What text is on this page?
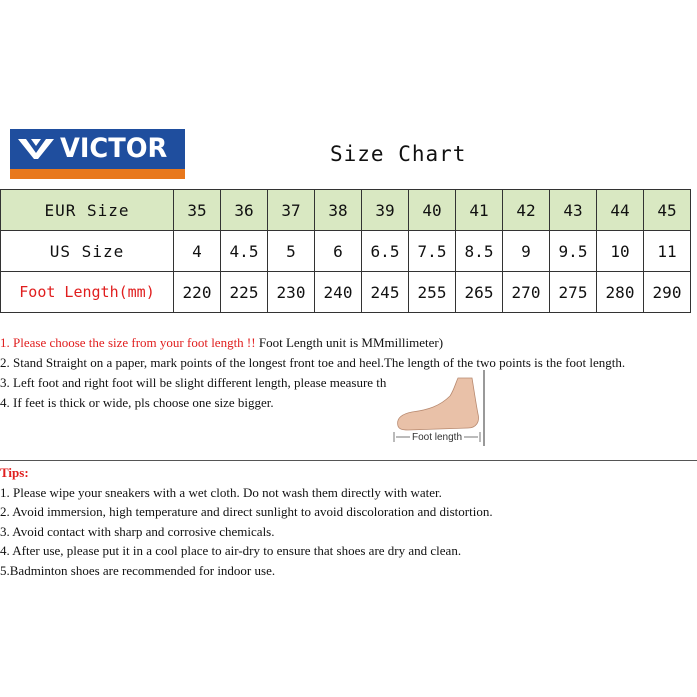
VICTOR	Size Chart
EUR Size	35	36	37	38	39	40	41	42	43	44	45
US Size	4	4.5	5	6	6.5	7.5	8.5	9	9.5	10	11
Foot Length(mm)	220	225	230	240	245	255	265	270	275	280	290
1. Please choose the size from your foot length !! Foot Length unit is MMmillimeter)
2. Stand Straight on a paper, mark points of the longest front toe and heel.The length of the two points is the foot length.
3. Left foot and right foot will be slight different length, please measure th
4. If feet is thick or wide, pls choose one size bigger.
Foot length
Tips:
1. Please wipe your sneakers with a wet cloth. Do not wash them directly with water.
2. Avoid immersion, high temperature and direct sunlight to avoid discoloration and distortion.
3. Avoid contact with sharp and corrosive chemicals.
4. After use, please put it in a cool place to air-dry to ensure that shoes are dry and clean.
5.Badminton shoes are recommended for indoor use.
